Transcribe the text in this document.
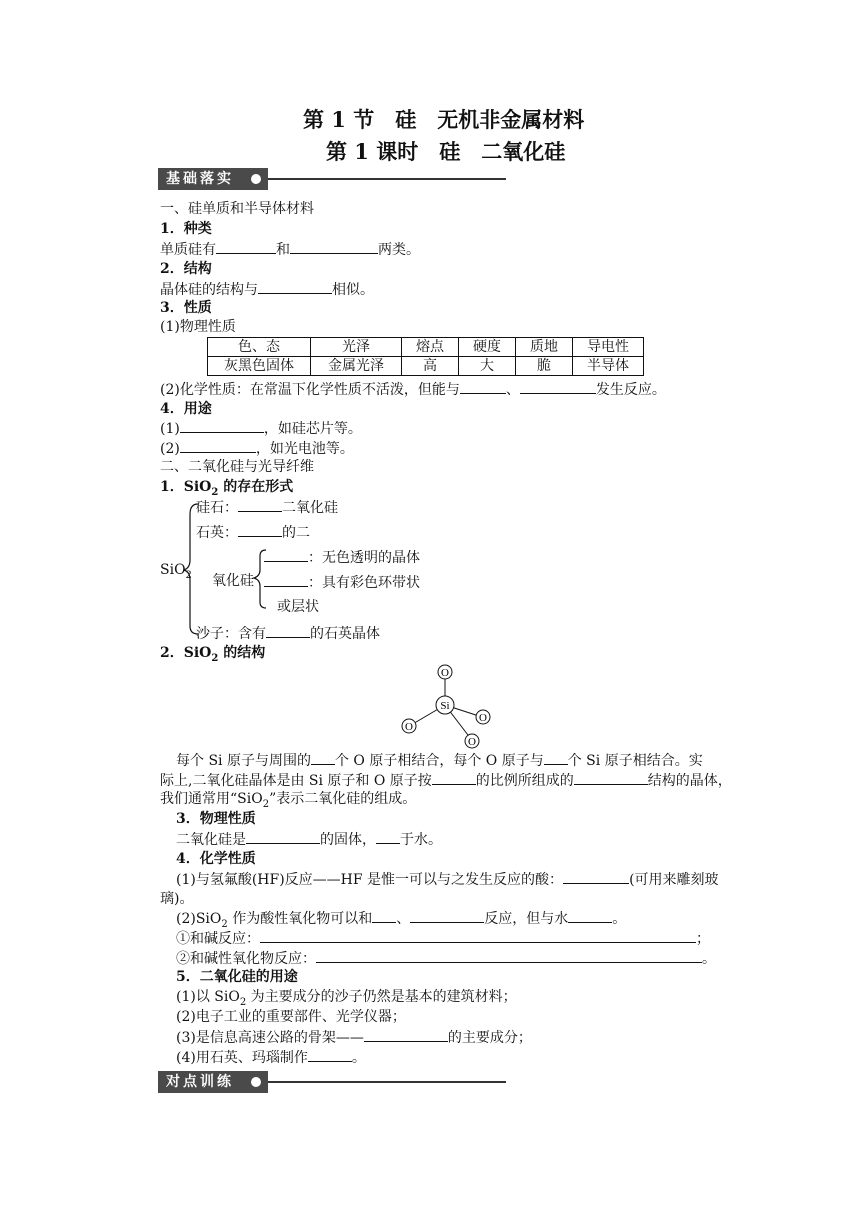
第 1 节　硅　无机非金属材料
第 1 课时　硅　二氧化硅
基础落实
一、硅单质和半导体材料
1．种类
单质硅有	和	两类。
2．结构
晶体硅的结构与	相似。
3．性质
(1)物理性质
色、态	光泽	熔点	硬度	质地	导电性
灰黑色固体	金属光泽	高	大	脆	半导体
(2)化学性质：在常温下化学性质不活泼，但能与	、	发生反应。
4．用途
(1)	，如硅芯片等。
(2)	，如光电池等。
二、二氧化硅与光导纤维
1．SiO$_2$ 的存在形式
SiO$_2$
硅石：	二氧化硅
石英：	的二
氧化硅
：无色透明的晶体
：具有彩色环带状
或层状
沙子：含有	的石英晶体
2．SiO$_2$ 的结构
O
O
O
O
Si
每个 Si 原子与周围的 个 O 原子相结合，每个 O 原子与 个 Si 原子相结合。实
际上,二氧化硅晶体是由 Si 原子和 O 原子按	的比例所组成的	结构的晶体，
我们通常用“SiO$_2$”表示二氧化硅的组成。
3．物理性质
二氧化硅是	的固体， 于水。
4．化学性质
(1)与氢氟酸(HF)反应——HF 是惟一可以与之发生反应的酸：	(可用来雕刻玻
璃)。
(2)SiO$_2$ 作为酸性氧化物可以和 、	反应，但与水	。
①和碱反应：	；
②和碱性氧化物反应：	。
5．二氧化硅的用途
(1)以 SiO$_2$ 为主要成分的沙子仍然是基本的建筑材料；
(2)电子工业的重要部件、光学仪器；
(3)是信息高速公路的骨架——	的主要成分；
(4)用石英、玛瑙制作	。
对点训练
